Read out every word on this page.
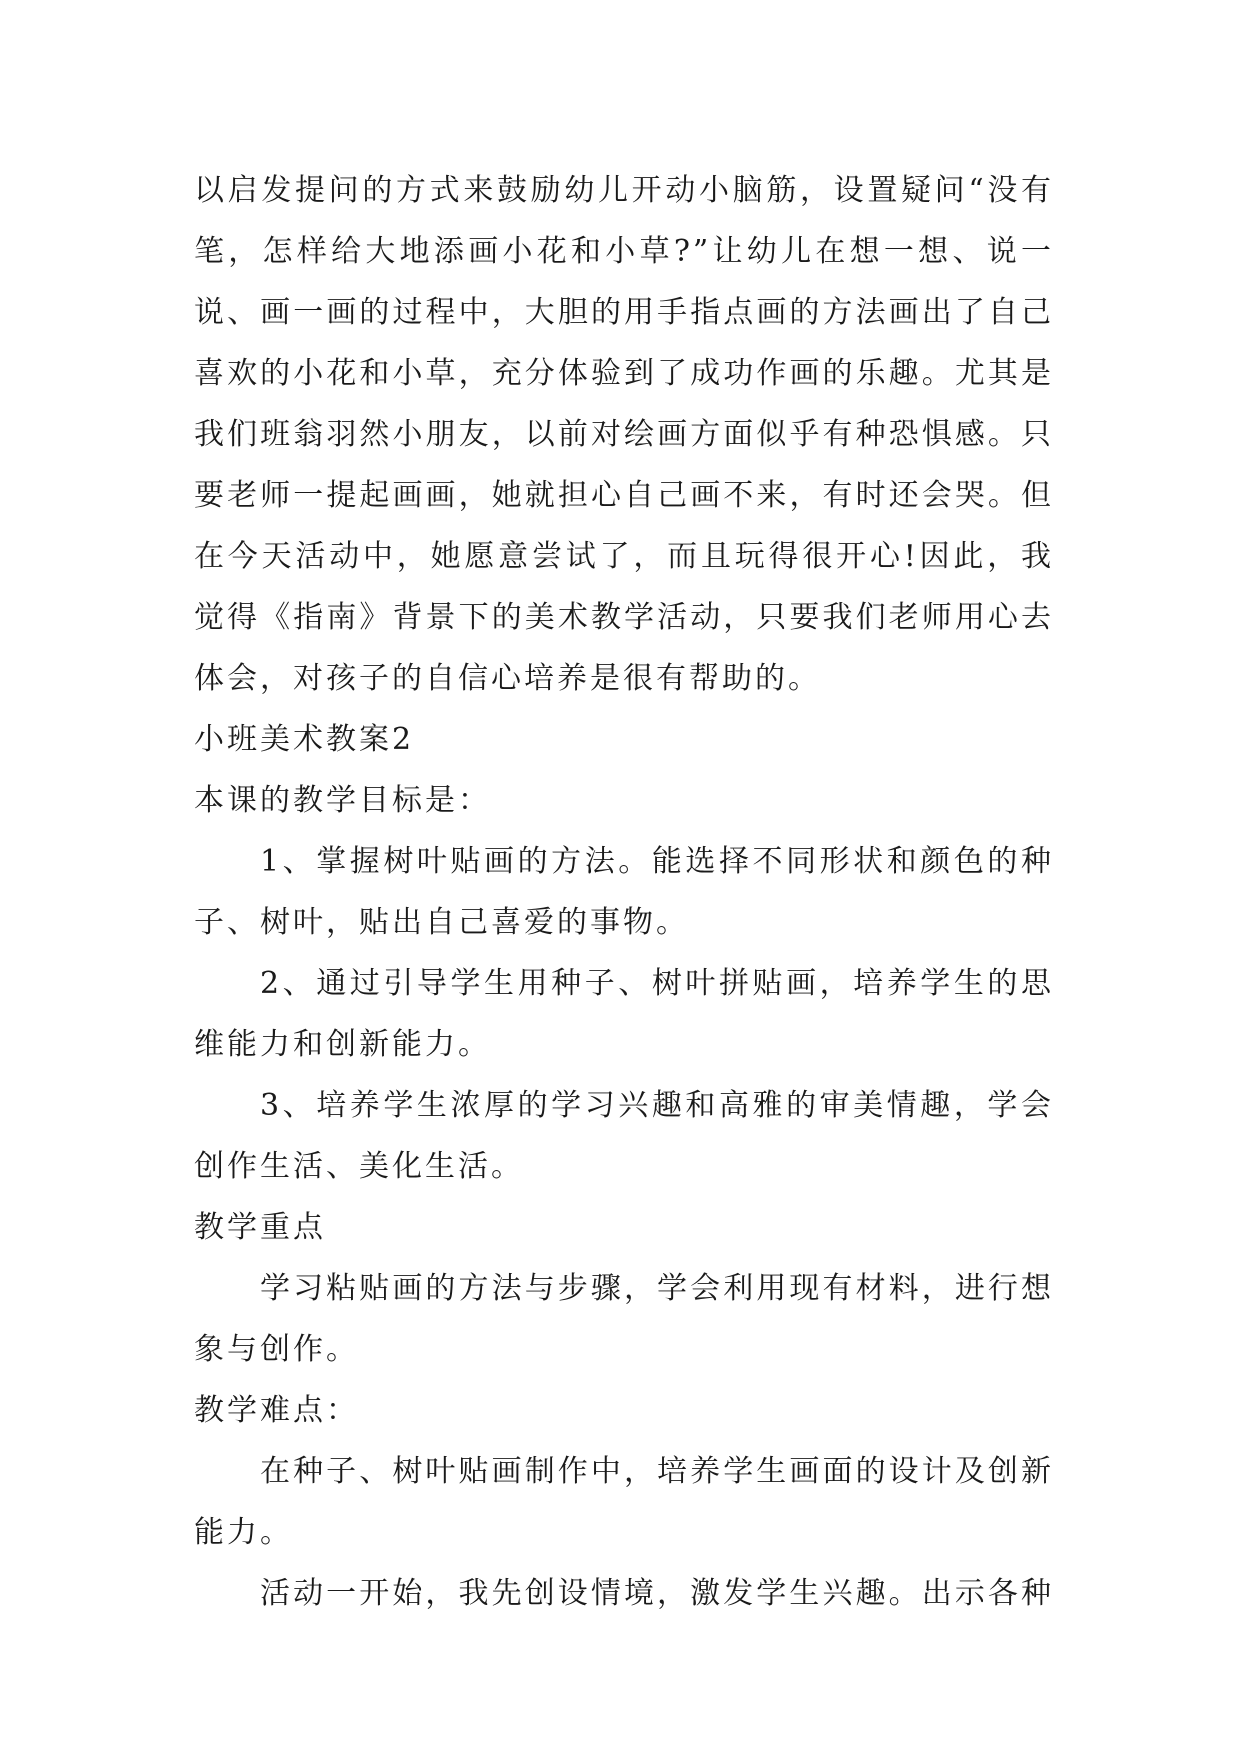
以启发提问的方式来鼓励幼儿开动小脑筋，设置疑问“没有
笔，怎样给大地添画小花和小草?”让幼儿在想一想、说一
说、画一画的过程中，大胆的用手指点画的方法画出了自己
喜欢的小花和小草，充分体验到了成功作画的乐趣。尤其是
我们班翁羽然小朋友，以前对绘画方面似乎有种恐惧感。只
要老师一提起画画，她就担心自己画不来，有时还会哭。但
在今天活动中，她愿意尝试了，而且玩得很开心!因此，我
觉得《指南》背景下的美术教学活动，只要我们老师用心去
体会，对孩子的自信心培养是很有帮助的。
小班美术教案2
本课的教学目标是：
1、掌握树叶贴画的方法。能选择不同形状和颜色的种
子、树叶，贴出自己喜爱的事物。
2、通过引导学生用种子、树叶拼贴画，培养学生的思
维能力和创新能力。
3、培养学生浓厚的学习兴趣和高雅的审美情趣，学会
创作生活、美化生活。
教学重点
学习粘贴画的方法与步骤，学会利用现有材料，进行想
象与创作。
教学难点：
在种子、树叶贴画制作中，培养学生画面的设计及创新
能力。
活动一开始，我先创设情境，激发学生兴趣。出示各种
